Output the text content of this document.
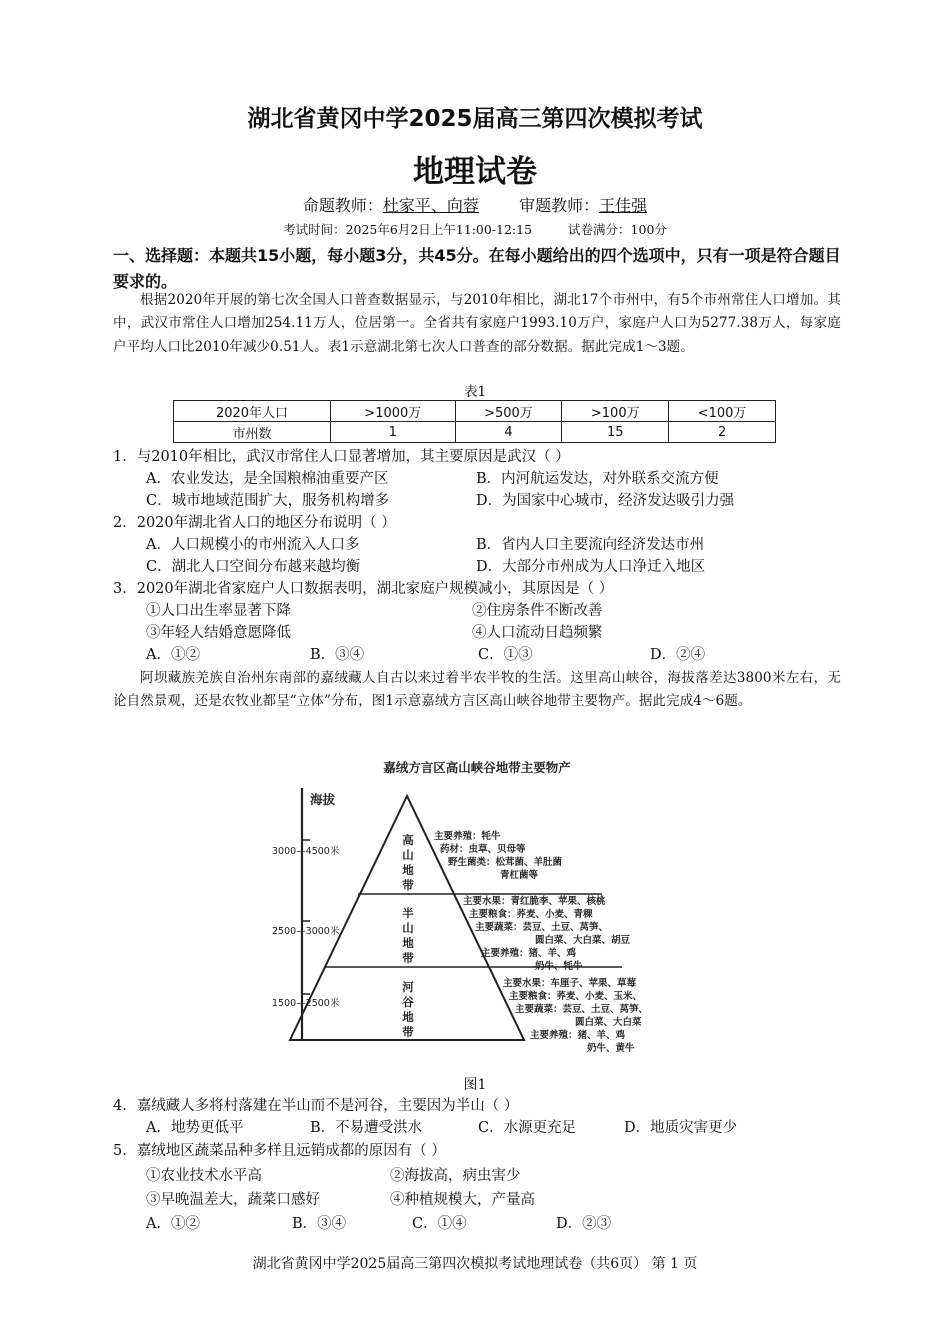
湖北省黄冈中学2025届高三第四次模拟考试
地理试卷
命题教师：杜家平、向蓉	审题教师：王佳强
考试时间：2025年6月2日上午11:00-12:15	试卷满分：100分
一、选择题：本题共15小题，每小题3分，共45分。在每小题给出的四个选项中，只有一项是符合题目要求的。
根据2020年开展的第七次全国人口普查数据显示，与2010年相比，湖北17个市州中，有5个市州常住人口增加。其中，武汉市常住人口增加254.11万人，位居第一。全省共有家庭户1993.10万户，家庭户人口为5277.38万人，每家庭户平均人口比2010年减少0.51人。表1示意湖北第七次人口普查的部分数据。据此完成1～3题。
表1
2020年人口	>1000万	>500万	>100万	<100万
市州数	1	4	15	2
1．与2010年相比，武汉市常住人口显著增加，其主要原因是武汉（ ）
A．农业发达，是全国粮棉油重要产区	B．内河航运发达，对外联系交流方便
C．城市地域范围扩大，服务机构增多	D．为国家中心城市，经济发达吸引力强
2．2020年湖北省人口的地区分布说明（ ）
A．人口规模小的市州流入人口多	B．省内人口主要流向经济发达市州
C．湖北人口空间分布越来越均衡	D．大部分市州成为人口净迁入地区
3．2020年湖北省家庭户人口数据表明，湖北家庭户规模减小，其原因是（ ）
①人口出生率显著下降	②住房条件不断改善
③年轻人结婚意愿降低	④人口流动日趋频繁
A．①②	B．③④	C．①③	D．②④
阿坝藏族羌族自治州东南部的嘉绒藏人自古以来过着半农半牧的生活。这里高山峡谷，海拔落差达3800米左右，无论自然景观，还是农牧业都呈“立体”分布，图1示意嘉绒方言区高山峡谷地带主要物产。据此完成4～6题。
嘉绒方言区高山峡谷地带主要物产
海拔
3000—4500米
2500—3000米
1500—2500米
高
山
地
带
半
山
地
带
河
谷
地
带
主要养殖：牦牛
药材：虫草、贝母等
野生菌类：松茸菌、羊肚菌
青杠菌等
主要水果：青红脆李、苹果、核桃
主要粮食：荞麦、小麦、青稞
主要蔬菜：芸豆、土豆、莴笋、
圆白菜、大白菜、胡豆
主要养殖：猪、羊、鸡
奶牛、牦牛
主要水果：车厘子、苹果、草莓
主要粮食：荞麦、小麦、玉米、
主要蔬菜：芸豆、土豆、莴笋、
圆白菜、大白菜
主要养殖：猪、羊、鸡
奶牛、黄牛
图1
4．嘉绒藏人多将村落建在半山而不是河谷，主要因为半山（ ）
A．地势更低平	B．不易遭受洪水	C．水源更充足	D．地质灾害更少
5．嘉绒地区蔬菜品种多样且远销成都的原因有（ ）
①农业技术水平高	②海拔高，病虫害少
③早晚温差大，蔬菜口感好	④种植规模大，产量高
A．①②	B．③④	C．①④	D．②③
湖北省黄冈中学2025届高三第四次模拟考试地理试卷（共6页） 第 1 页
